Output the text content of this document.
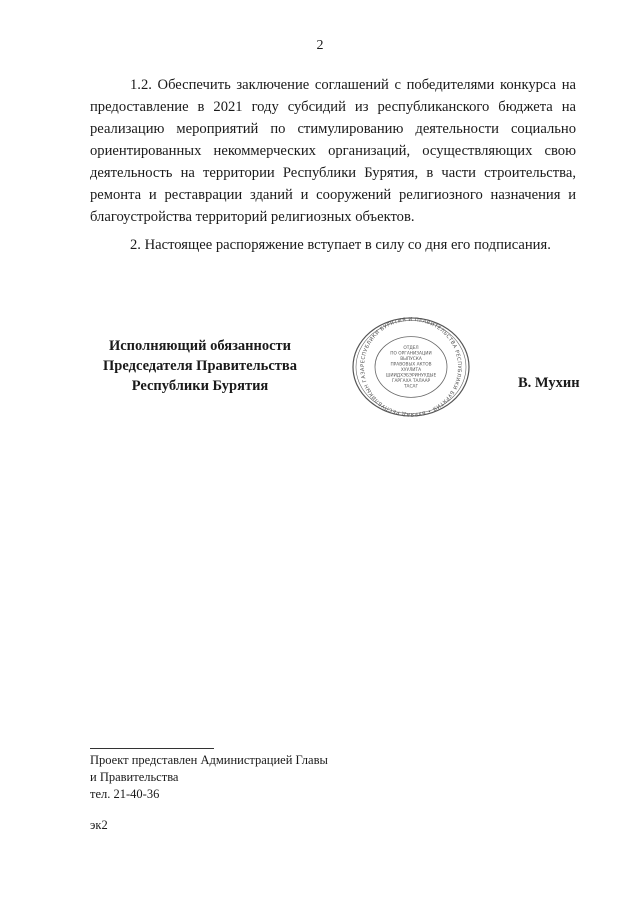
2

1.2. Обеспечить заключение соглашений с победителями конкурса на предоставление в 2021 году субсидий из республиканского бюджета на реализацию мероприятий по стимулированию деятельности социально ориентированных некоммерческих организаций, осуществляющих свою деятельность на территории Республики Бурятия, в части строительства, ремонта и реставрации зданий и сооружений религиозного назначения и благоустройства территорий религиозных объектов.

2. Настоящее распоряжение вступает в силу со дня его подписания.

Исполняющий обязанности
Председателя Правительства
Республики Бурятия
РЕСПУБЛИКИ БУРЯТИЯ И ПРАВИТЕЛЬСТВА РЕСПУБЛИКИ БУРЯТИЯ • БУРЯАД РЕСПУБЛИКЫН ГАЗА
ОТДЕЛ
ПО ОРГАНИЗАЦИИ
ВЫПУСКА
ПРАВОВЫХ АКТОВ
ХУУЛИТА
ШИИДХЭБЭРИНУУДЫЕ
ГАРГАХА ТАЛААР
ТАСАГ	В. Мухин
Проект представлен Администрацией Главы
и Правительства
тел. 21-40-36
эк2
